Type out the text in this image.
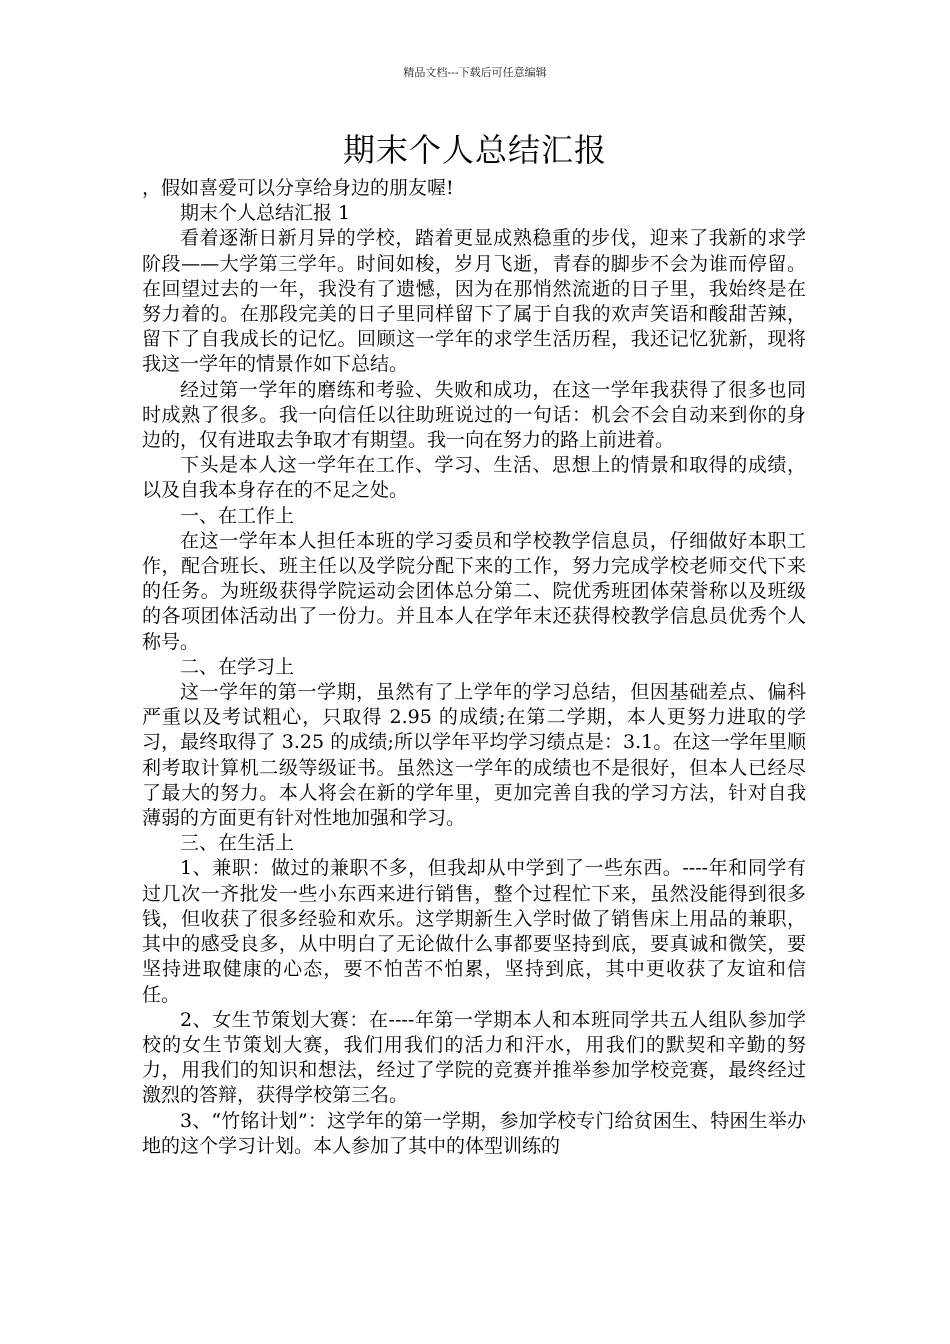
精品文档---下载后可任意编辑
期末个人总结汇报

，假如喜爱可以分享给身边的朋友喔!

期末个人总结汇报 1

看着逐渐日新月异的学校，踏着更显成熟稳重的步伐，迎来了我新的求学阶段——大学第三学年。时间如梭，岁月飞逝，青春的脚步不会为谁而停留。在回望过去的一年，我没有了遗憾，因为在那悄然流逝的日子里，我始终是在努力着的。在那段完美的日子里同样留下了属于自我的欢声笑语和酸甜苦辣，留下了自我成长的记忆。回顾这一学年的求学生活历程，我还记忆犹新，现将我这一学年的情景作如下总结。

经过第一学年的磨练和考验、失败和成功，在这一学年我获得了很多也同时成熟了很多。我一向信任以往助班说过的一句话：机会不会自动来到你的身边的，仅有进取去争取才有期望。我一向在努力的路上前进着。

下头是本人这一学年在工作、学习、生活、思想上的情景和取得的成绩，以及自我本身存在的不足之处。

一、在工作上

在这一学年本人担任本班的学习委员和学校教学信息员，仔细做好本职工作，配合班长、班主任以及学院分配下来的工作，努力完成学校老师交代下来的任务。为班级获得学院运动会团体总分第二、院优秀班团体荣誉称以及班级的各项团体活动出了一份力。并且本人在学年末还获得校教学信息员优秀个人称号。

二、在学习上

这一学年的第一学期，虽然有了上学年的学习总结，但因基础差点、偏科严重以及考试粗心，只取得 2.95 的成绩;在第二学期，本人更努力进取的学习，最终取得了 3.25 的成绩;所以学年平均学习绩点是：3.1。在这一学年里顺利考取计算机二级等级证书。虽然这一学年的成绩也不是很好，但本人已经尽了最大的努力。本人将会在新的学年里，更加完善自我的学习方法，针对自我薄弱的方面更有针对性地加强和学习。

三、在生活上

1、兼职：做过的兼职不多，但我却从中学到了一些东西。----年和同学有过几次一齐批发一些小东西来进行销售，整个过程忙下来，虽然没能得到很多钱，但收获了很多经验和欢乐。这学期新生入学时做了销售床上用品的兼职，其中的感受良多，从中明白了无论做什么事都要坚持到底，要真诚和微笑，要坚持进取健康的心态，要不怕苦不怕累，坚持到底，其中更收获了友谊和信任。

2、女生节策划大赛：在----年第一学期本人和本班同学共五人组队参加学校的女生节策划大赛，我们用我们的活力和汗水，用我们的默契和辛勤的努力，用我们的知识和想法，经过了学院的竞赛并推举参加学校竞赛，最终经过激烈的答辩，获得学校第三名。

3、“竹铭计划”：这学年的第一学期，参加学校专门给贫困生、特困生举办地的这个学习计划。本人参加了其中的体型训练的
